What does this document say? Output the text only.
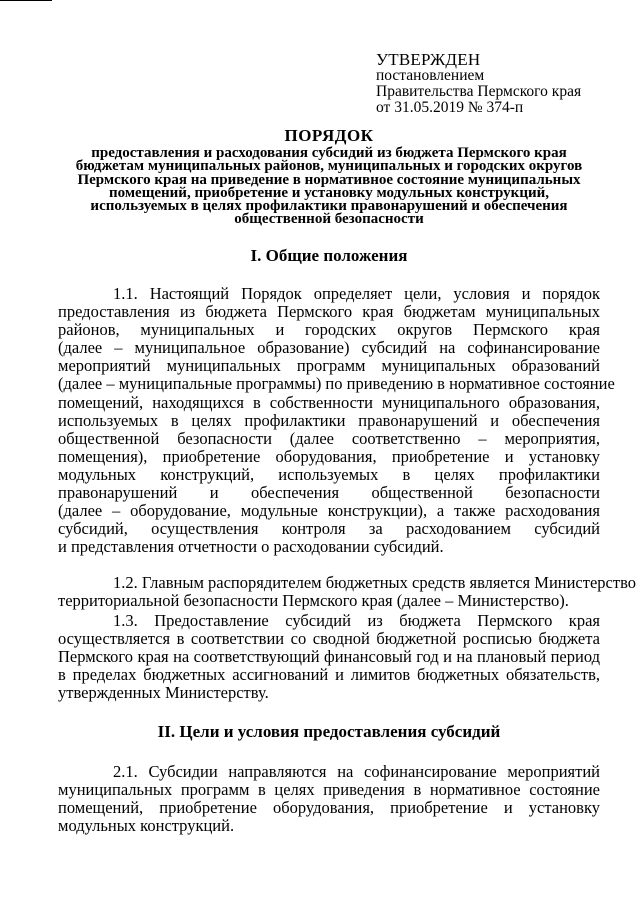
УТВЕРЖДЕН
постановлением
Правительства Пермского края
от 31.05.2019 № 374-п
ПОРЯДОК
предоставления и расходования субсидий из бюджета Пермского края
бюджетам муниципальных районов, муниципальных и городских округов
Пермского края на приведение в нормативное состояние муниципальных
помещений, приобретение и установку модульных конструкций,
используемых в целях профилактики правонарушений и обеспечения
общественной безопасности
I. Общие положения
1.1. Настоящий Порядок определяет цели, условия и порядок
предоставления из бюджета Пермского края бюджетам муниципальных
районов, муниципальных и городских округов Пермского края
(далее – муниципальное образование) субсидий на софинансирование
мероприятий муниципальных программ муниципальных образований
(далее – муниципальные программы) по приведению в нормативное состояние
помещений, находящихся в собственности муниципального образования,
используемых в целях профилактики правонарушений и обеспечения
общественной безопасности (далее соответственно – мероприятия,
помещения), приобретение оборудования, приобретение и установку
модульных конструкций, используемых в целях профилактики
правонарушений и обеспечения общественной безопасности
(далее – оборудование, модульные конструкции), а также расходования
субсидий, осуществления контроля за расходованием субсидий
и представления отчетности о расходовании субсидий.
1.2. Главным распорядителем бюджетных средств является Министерство
территориальной безопасности Пермского края (далее – Министерство).
1.3. Предоставление субсидий из бюджета Пермского края
осуществляется в соответствии со сводной бюджетной росписью бюджета
Пермского края на соответствующий финансовый год и на плановый период
в пределах бюджетных ассигнований и лимитов бюджетных обязательств,
утвержденных Министерству.
II. Цели и условия предоставления субсидий
2.1. Субсидии направляются на софинансирование мероприятий
муниципальных программ в целях приведения в нормативное состояние
помещений, приобретение оборудования, приобретение и установку
модульных конструкций.
